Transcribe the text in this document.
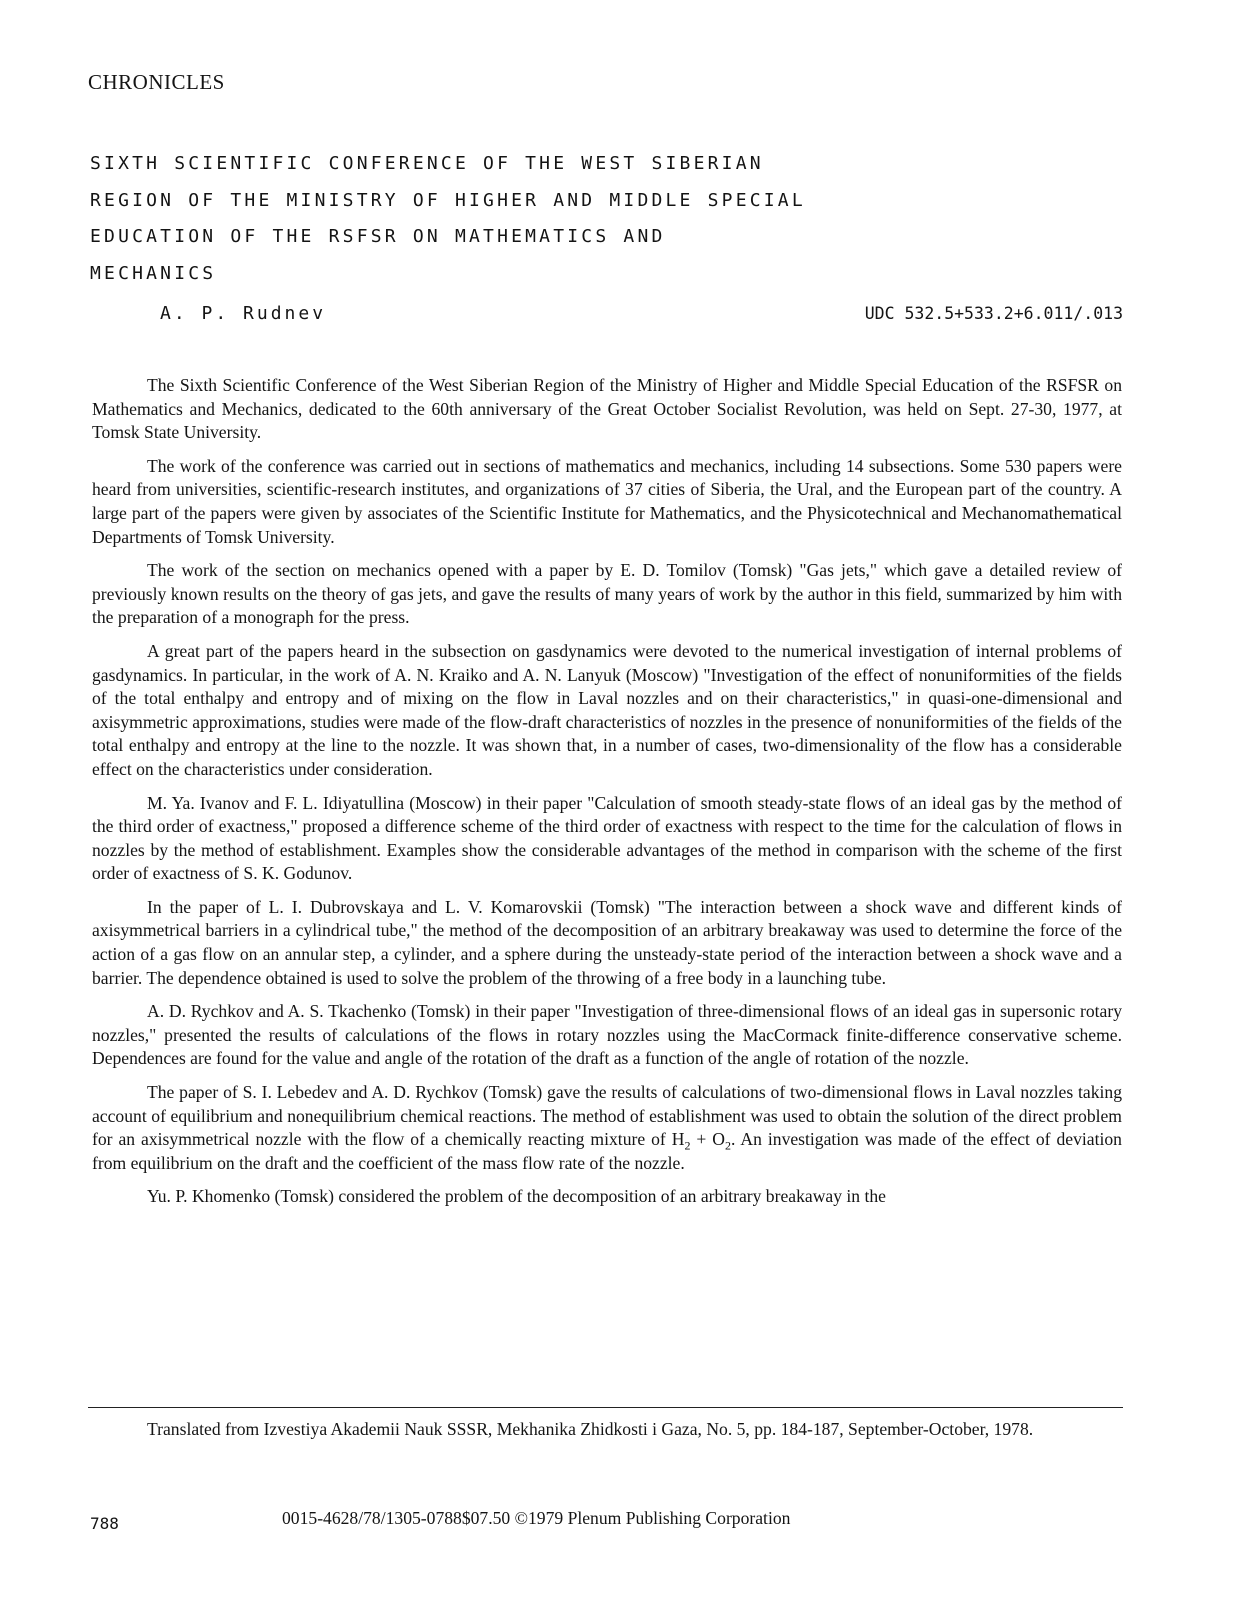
CHRONICLES
SIXTH SCIENTIFIC CONFERENCE OF THE WEST SIBERIAN
REGION OF THE MINISTRY OF HIGHER AND MIDDLE SPECIAL
EDUCATION OF THE RSFSR ON MATHEMATICS AND
MECHANICS
A. P. Rudnev	UDC 532.5+533.2+6.011/.013

The Sixth Scientific Conference of the West Siberian Region of the Ministry of Higher and Middle Special Education of the RSFSR on Mathematics and Mechanics, dedicated to the 60th anniversary of the Great October Socialist Revolution, was held on Sept. 27-30, 1977, at Tomsk State University.

The work of the conference was carried out in sections of mathematics and mechanics, including 14 subsections. Some 530 papers were heard from universities, scientific-research institutes, and organizations of 37 cities of Siberia, the Ural, and the European part of the country. A large part of the papers were given by associates of the Scientific Institute for Mathematics, and the Physicotechnical and Mechanomathematical Departments of Tomsk University.

The work of the section on mechanics opened with a paper by E. D. Tomilov (Tomsk) "Gas jets," which gave a detailed review of previously known results on the theory of gas jets, and gave the results of many years of work by the author in this field, summarized by him with the preparation of a monograph for the press.

A great part of the papers heard in the subsection on gasdynamics were devoted to the numerical investigation of internal problems of gasdynamics. In particular, in the work of A. N. Kraiko and A. N. Lanyuk (Moscow) "Investigation of the effect of nonuniformities of the fields of the total enthalpy and entropy and of mixing on the flow in Laval nozzles and on their characteristics," in quasi-one-dimensional and axisymmetric approximations, studies were made of the flow-draft characteristics of nozzles in the presence of nonuniformities of the fields of the total enthalpy and entropy at the line to the nozzle. It was shown that, in a number of cases, two-dimensionality of the flow has a considerable effect on the characteristics under consideration.

M. Ya. Ivanov and F. L. Idiyatullina (Moscow) in their paper "Calculation of smooth steady-state flows of an ideal gas by the method of the third order of exactness," proposed a difference scheme of the third order of exactness with respect to the time for the calculation of flows in nozzles by the method of establishment. Examples show the considerable advantages of the method in comparison with the scheme of the first order of exactness of S. K. Godunov.

In the paper of L. I. Dubrovskaya and L. V. Komarovskii (Tomsk) "The interaction between a shock wave and different kinds of axisymmetrical barriers in a cylindrical tube," the method of the decomposition of an arbitrary breakaway was used to determine the force of the action of a gas flow on an annular step, a cylinder, and a sphere during the unsteady-state period of the interaction between a shock wave and a barrier. The dependence obtained is used to solve the problem of the throwing of a free body in a launching tube.

A. D. Rychkov and A. S. Tkachenko (Tomsk) in their paper "Investigation of three-dimensional flows of an ideal gas in supersonic rotary nozzles," presented the results of calculations of the flows in rotary nozzles using the MacCormack finite-difference conservative scheme. Dependences are found for the value and angle of the rotation of the draft as a function of the angle of rotation of the nozzle.

The paper of S. I. Lebedev and A. D. Rychkov (Tomsk) gave the results of calculations of two-dimensional flows in Laval nozzles taking account of equilibrium and nonequilibrium chemical reactions. The method of establishment was used to obtain the solution of the direct problem for an axisymmetrical nozzle with the flow of a chemically reacting mixture of $H_2 + O_2$. An investigation was made of the effect of deviation from equilibrium on the draft and the coefficient of the mass flow rate of the nozzle.

Yu. P. Khomenko (Tomsk) considered the problem of the decomposition of an arbitrary breakaway in the

Translated from Izvestiya Akademii Nauk SSSR, Mekhanika Zhidkosti i Gaza, No. 5, pp. 184-187, September-October, 1978.
788	0015-4628/78/1305-0788$07.50 ©1979 Plenum Publishing Corporation
